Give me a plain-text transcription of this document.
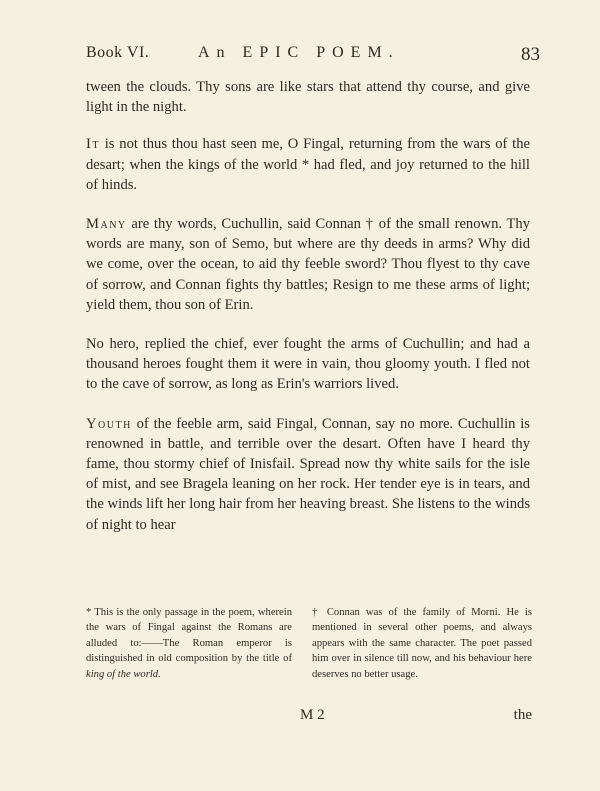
Book VI.	An EPIC POEM.	83

tween the clouds. Thy sons are like stars that attend thy course, and give light in the night.

It is not thus thou hast seen me, O Fingal, returning from the wars of the desart; when the kings of the world * had fled, and joy returned to the hill of hinds.

Many are thy words, Cuchullin, said Connan † of the small renown. Thy words are many, son of Semo, but where are thy deeds in arms? Why did we come, over the ocean, to aid thy feeble sword? Thou flyest to thy cave of sorrow, and Connan fights thy battles; Resign to me these arms of light; yield them, thou son of Erin.

No hero, replied the chief, ever fought the arms of Cuchullin; and had a thousand heroes fought them it were in vain, thou gloomy youth. I fled not to the cave of sorrow, as long as Erin's warriors lived.

Youth of the feeble arm, said Fingal, Connan, say no more. Cuchullin is renowned in battle, and terrible over the desart. Often have I heard thy fame, thou stormy chief of Inisfail. Spread now thy white sails for the isle of mist, and see Bragela leaning on her rock. Her tender eye is in tears, and the winds lift her long hair from her heaving breast. She listens to the winds of night to hear

* This is the only passage in the poem, wherein the wars of Fingal against the Romans are alluded to:——The Roman emperor is distinguished in old composition by the title of king of the world.

† Connan was of the family of Morni. He is mentioned in several other poems, and always appears with the same character. The poet passed him over in silence till now, and his behaviour here deserves no better usage.

M 2	the
